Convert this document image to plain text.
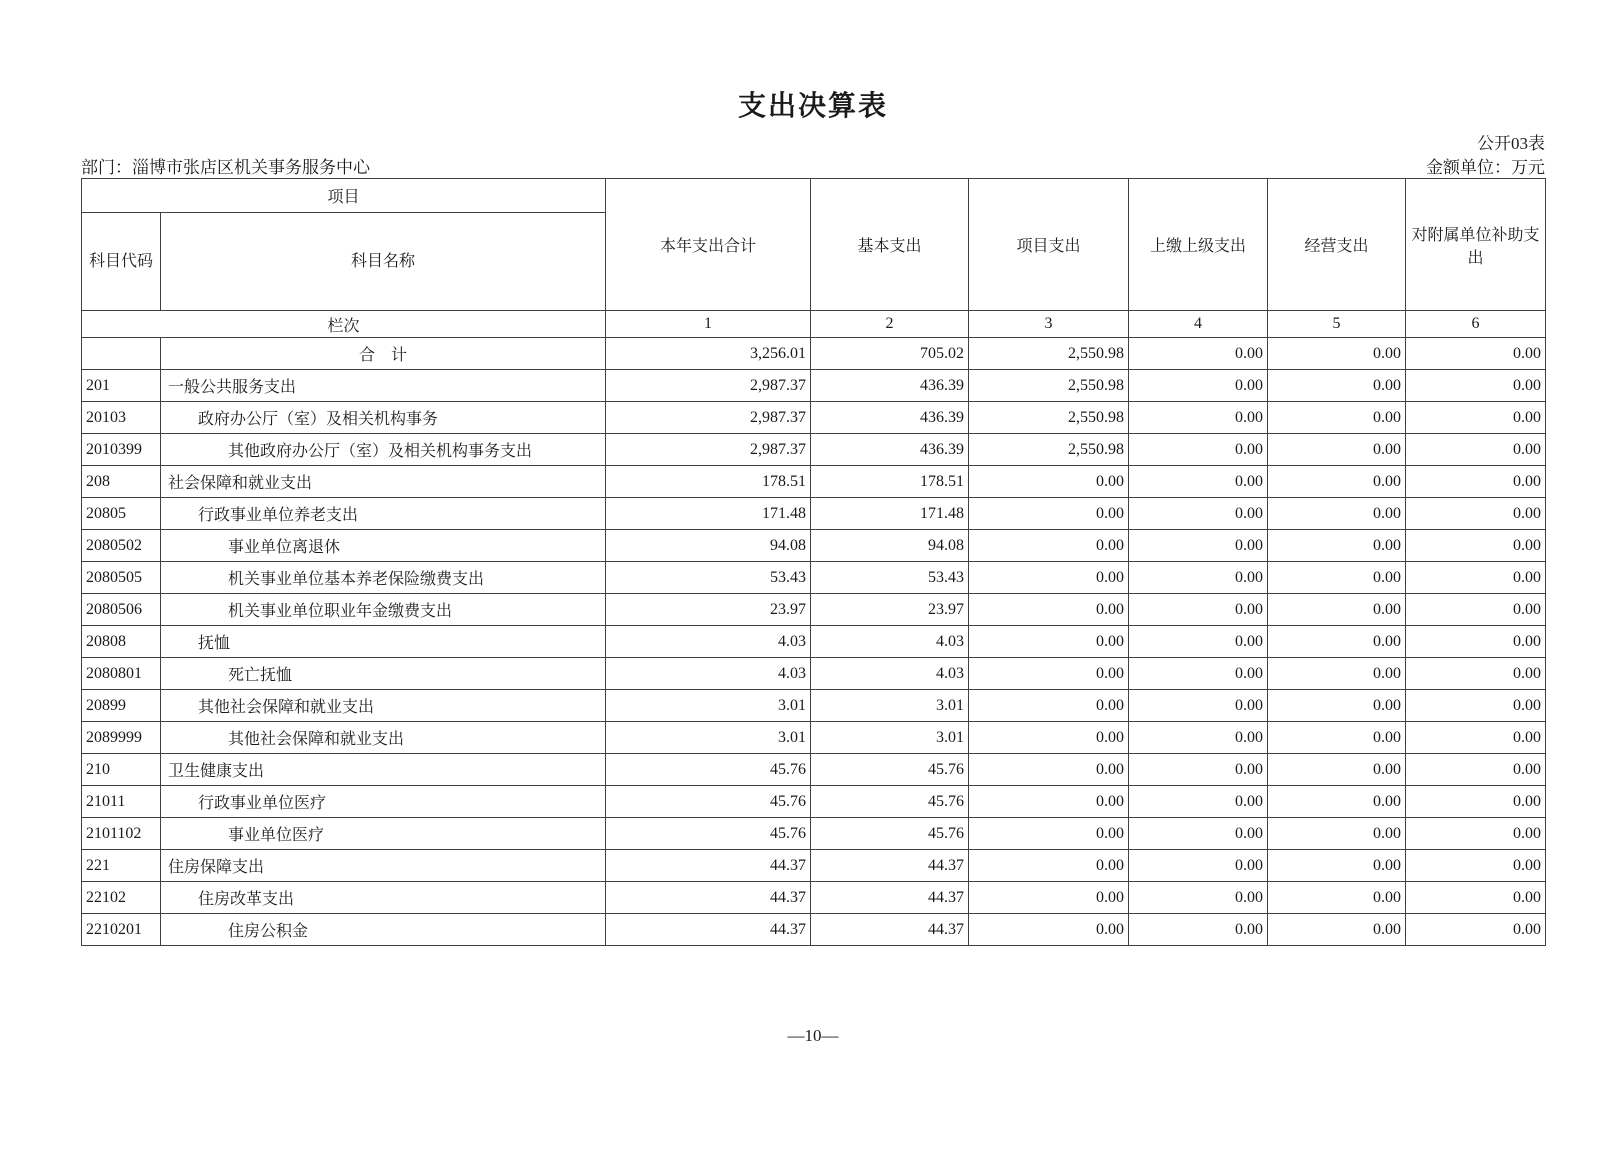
支出决算表
公开03表
部门：淄博市张店区机关事务服务中心	金额单位：万元
项目		本年支出合计	基本支出	项目支出	上缴上级支出	经营支出	对附属单位补助支出
科目代码	科目名称						
栏次		1	2	3	4	5	6
	合　计	3,256.01	705.02	2,550.98	0.00	0.00	0.00
201	一般公共服务支出	2,987.37	436.39	2,550.98	0.00	0.00	0.00
20103	政府办公厅（室）及相关机构事务	2,987.37	436.39	2,550.98	0.00	0.00	0.00
2010399	其他政府办公厅（室）及相关机构事务支出	2,987.37	436.39	2,550.98	0.00	0.00	0.00
208	社会保障和就业支出	178.51	178.51	0.00	0.00	0.00	0.00
20805	行政事业单位养老支出	171.48	171.48	0.00	0.00	0.00	0.00
2080502	事业单位离退休	94.08	94.08	0.00	0.00	0.00	0.00
2080505	机关事业单位基本养老保险缴费支出	53.43	53.43	0.00	0.00	0.00	0.00
2080506	机关事业单位职业年金缴费支出	23.97	23.97	0.00	0.00	0.00	0.00
20808	抚恤	4.03	4.03	0.00	0.00	0.00	0.00
2080801	死亡抚恤	4.03	4.03	0.00	0.00	0.00	0.00
20899	其他社会保障和就业支出	3.01	3.01	0.00	0.00	0.00	0.00
2089999	其他社会保障和就业支出	3.01	3.01	0.00	0.00	0.00	0.00
210	卫生健康支出	45.76	45.76	0.00	0.00	0.00	0.00
21011	行政事业单位医疗	45.76	45.76	0.00	0.00	0.00	0.00
2101102	事业单位医疗	45.76	45.76	0.00	0.00	0.00	0.00
221	住房保障支出	44.37	44.37	0.00	0.00	0.00	0.00
22102	住房改革支出	44.37	44.37	0.00	0.00	0.00	0.00
2210201	住房公积金	44.37	44.37	0.00	0.00	0.00	0.00
—10—
